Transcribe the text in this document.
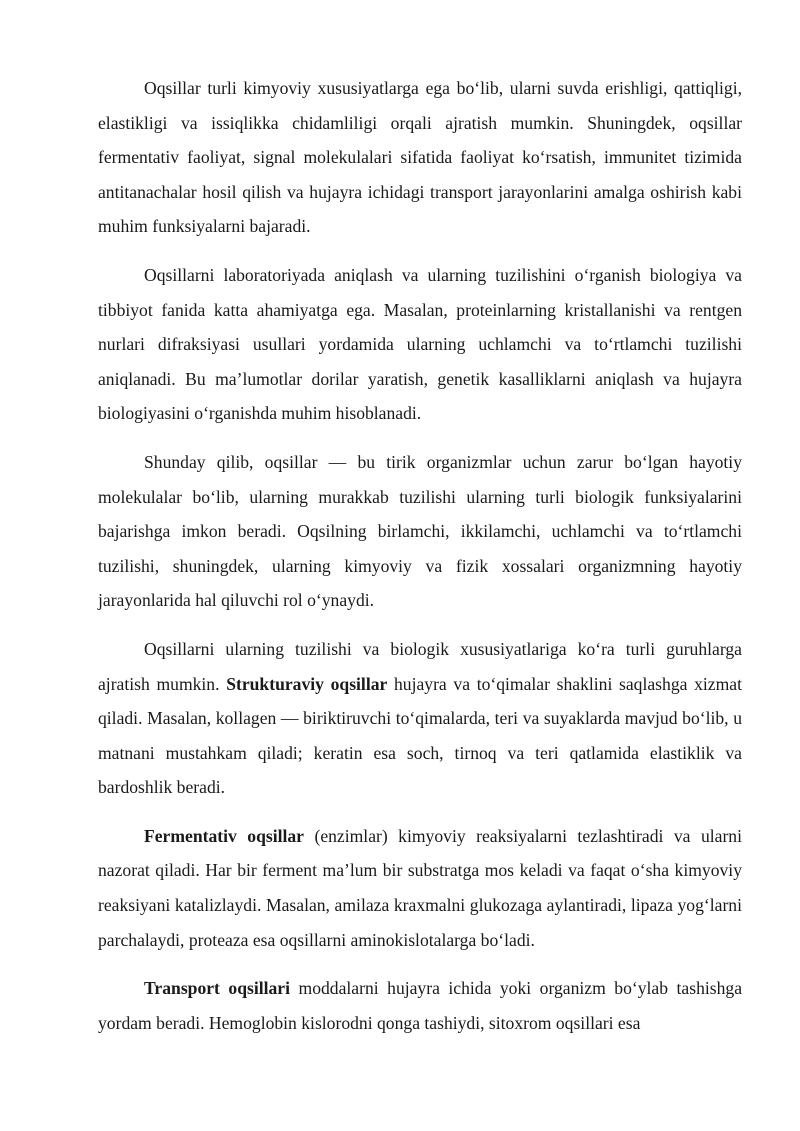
Oqsillar turli kimyoviy xususiyatlarga ega bo‘lib, ularni suvda erishligi, qattiqligi, elastikligi va issiqlikka chidamliligi orqali ajratish mumkin. Shuningdek, oqsillar fermentativ faoliyat, signal molekulalari sifatida faoliyat ko‘rsatish, immunitet tizimida antitanachalar hosil qilish va hujayra ichidagi transport jarayonlarini amalga oshirish kabi muhim funksiyalarni bajaradi.

Oqsillarni laboratoriyada aniqlash va ularning tuzilishini o‘rganish biologiya va tibbiyot fanida katta ahamiyatga ega. Masalan, proteinlarning kristallanishi va rentgen nurlari difraksiyasi usullari yordamida ularning uchlamchi va to‘rtlamchi tuzilishi aniqlanadi. Bu ma’lumotlar dorilar yaratish, genetik kasalliklarni aniqlash va hujayra biologiyasini o‘rganishda muhim hisoblanadi.

Shunday qilib, oqsillar — bu tirik organizmlar uchun zarur bo‘lgan hayotiy molekulalar bo‘lib, ularning murakkab tuzilishi ularning turli biologik funksiyalarini bajarishga imkon beradi. Oqsilning birlamchi, ikkilamchi, uchlamchi va to‘rtlamchi tuzilishi, shuningdek, ularning kimyoviy va fizik xossalari organizmning hayotiy jarayonlarida hal qiluvchi rol o‘ynaydi.

Oqsillarni ularning tuzilishi va biologik xususiyatlariga ko‘ra turli guruhlarga ajratish mumkin. Strukturaviy oqsillar hujayra va to‘qimalar shaklini saqlashga xizmat qiladi. Masalan, kollagen — biriktiruvchi to‘qimalarda, teri va suyaklarda mavjud bo‘lib, u matnani mustahkam qiladi; keratin esa soch, tirnoq va teri qatlamida elastiklik va bardoshlik beradi.

Fermentativ oqsillar (enzimlar) kimyoviy reaksiyalarni tezlashtiradi va ularni nazorat qiladi. Har bir ferment ma’lum bir substratga mos keladi va faqat o‘sha kimyoviy reaksiyani katalizlaydi. Masalan, amilaza kraxmalni glukozaga aylantiradi, lipaza yog‘larni parchalaydi, proteaza esa oqsillarni aminokislotalarga bo‘ladi.

Transport oqsillari moddalarni hujayra ichida yoki organizm bo‘ylab tashishga yordam beradi. Hemoglobin kislorodni qonga tashiydi, sitoxrom oqsillari esa
